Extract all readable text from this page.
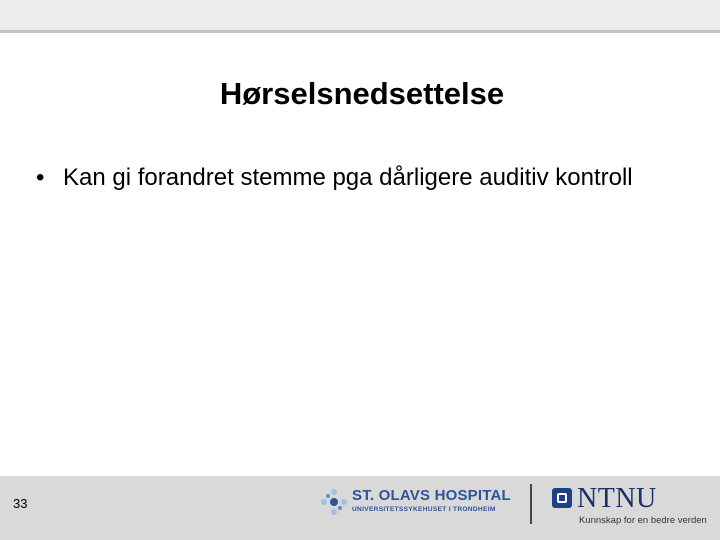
Hørselsnedsettelse
• Kan gi forandret stemme pga dårligere auditiv kontroll
33	ST. OLAVS HOSPITAL
UNIVERSITETSSYKEHUSET I TRONDHEIM	NTNU
Kunnskap for en bedre verden
